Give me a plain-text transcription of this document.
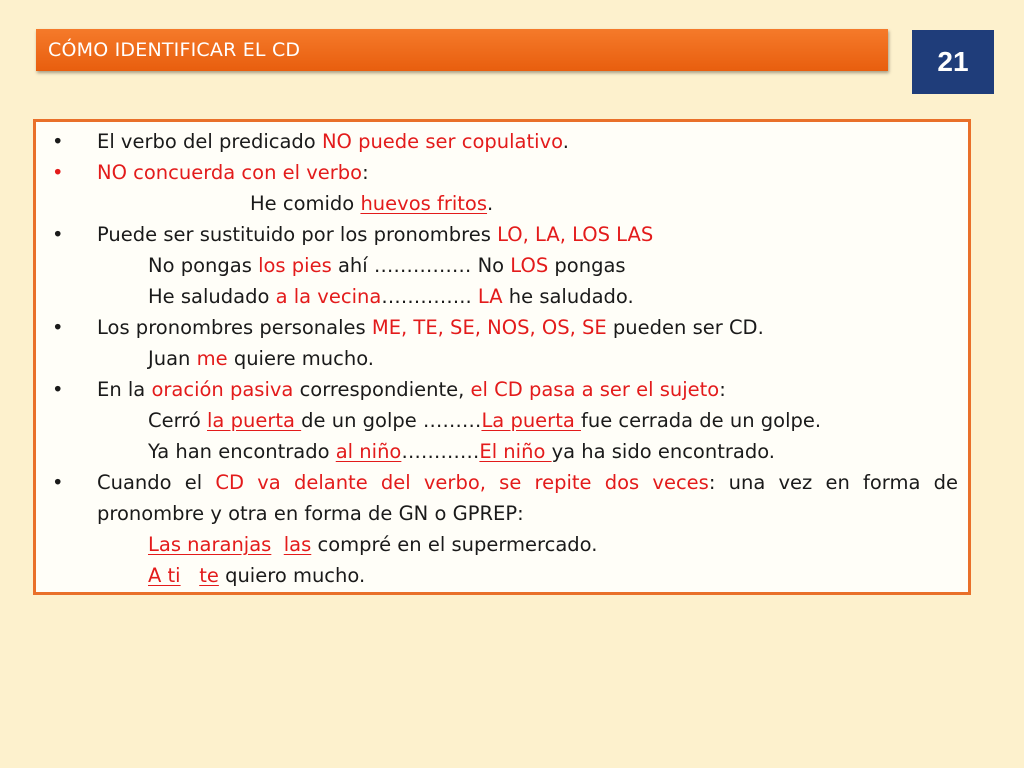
CÓMO IDENTIFICAR EL CD	21
• El verbo del predicado NO puede ser copulativo.
• NO concuerda con el verbo:
He comido huevos fritos.
• Puede ser sustituido por los pronombres LO, LA, LOS LAS
No pongas los pies ahí …………… No LOS pongas
He saludado a la vecina………….. LA he saludado.
• Los pronombres personales ME, TE, SE, NOS, OS, SE pueden ser CD.
Juan me quiere mucho.
• En la oración pasiva correspondiente, el CD pasa a ser el sujeto:
Cerró la puerta de un golpe ………La puerta fue cerrada de un golpe.
Ya han encontrado al niño…………El niño ya ha sido encontrado.
• Cuando el CD va delante del verbo, se repite dos veces: una vez en forma de
pronombre y otra en forma de GN o GPREP:
Las naranjas las compré en el supermercado.
A ti te quiero mucho.
